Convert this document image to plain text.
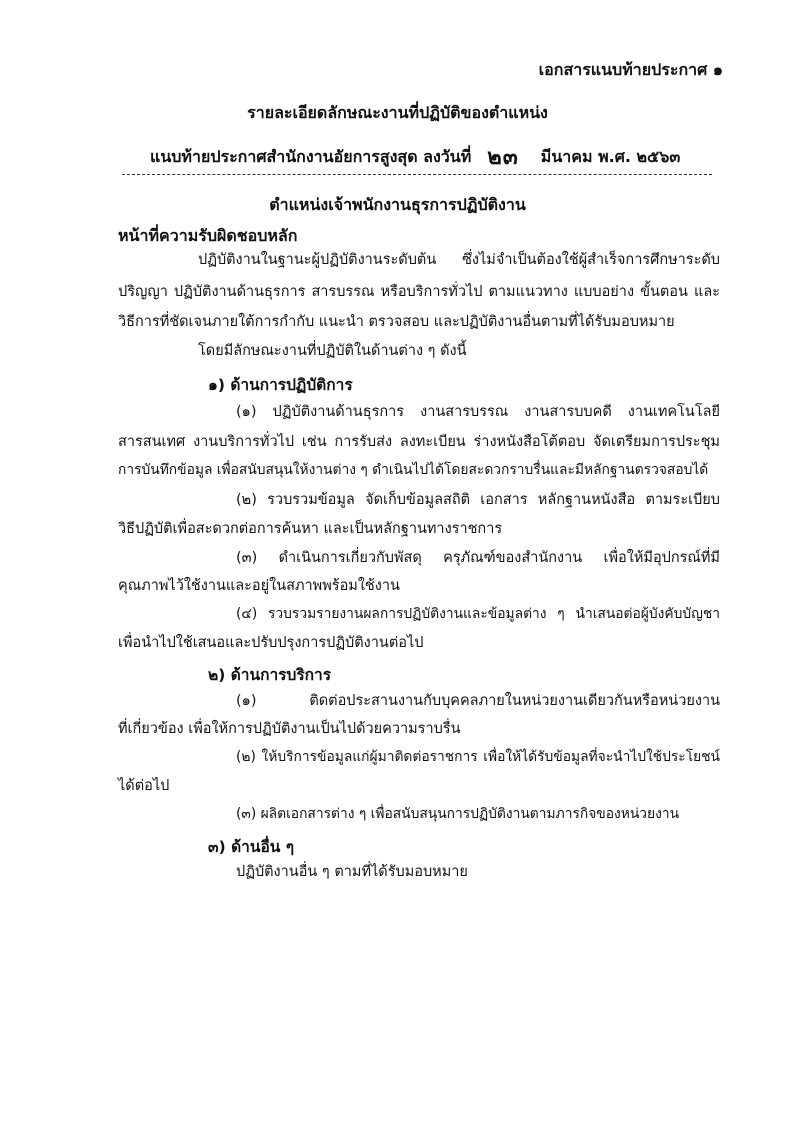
เอกสารแนบท้ายประกาศ ๑
รายละเอียดลักษณะงานที่ปฏิบัติของตำแหน่ง
แนบท้ายประกาศสำนักงานอัยการสูงสุด ลงวันที่ ๒๓ มีนาคม พ.ศ. ๒๕๖๓
ตำแหน่งเจ้าพนักงานธุรการปฏิบัติงาน
หน้าที่ความรับผิดชอบหลัก
ปฏิบัติงานในฐานะผู้ปฏิบัติงานระดับต้น ซึ่งไม่จำเป็นต้องใช้ผู้สำเร็จการศึกษาระดับ
ปริญญา ปฏิบัติงานด้านธุรการ สารบรรณ หรือบริการทั่วไป ตามแนวทาง แบบอย่าง ขั้นตอน และ
วิธีการที่ชัดเจนภายใต้การกำกับ แนะนำ ตรวจสอบ และปฏิบัติงานอื่นตามที่ได้รับมอบหมาย
โดยมีลักษณะงานที่ปฏิบัติในด้านต่าง ๆ ดังนี้
๑) ด้านการปฏิบัติการ
(๑) ปฏิบัติงานด้านธุรการ งานสารบรรณ งานสารบบคดี งานเทคโนโลยี
สารสนเทศ งานบริการทั่วไป เช่น การรับส่ง ลงทะเบียน ร่างหนังสือโต้ตอบ จัดเตรียมการประชุม
การบันทึกข้อมูล เพื่อสนับสนุนให้งานต่าง ๆ ดำเนินไปได้โดยสะดวกราบรื่นและมีหลักฐานตรวจสอบได้
(๒) รวบรวมข้อมูล จัดเก็บข้อมูลสถิติ เอกสาร หลักฐานหนังสือ ตามระเบียบ
วิธีปฏิบัติเพื่อสะดวกต่อการค้นหา และเป็นหลักฐานทางราชการ
(๓) ดำเนินการเกี่ยวกับพัสดุ ครุภัณฑ์ของสำนักงาน เพื่อให้มีอุปกรณ์ที่มี
คุณภาพไว้ใช้งานและอยู่ในสภาพพร้อมใช้งาน
(๔) รวบรวมรายงานผลการปฏิบัติงานและข้อมูลต่าง ๆ นำเสนอต่อผู้บังคับบัญชา
เพื่อนำไปใช้เสนอและปรับปรุงการปฏิบัติงานต่อไป
๒) ด้านการบริการ
(๑) ติดต่อประสานงานกับบุคคลภายในหน่วยงานเดียวกันหรือหน่วยงาน
ที่เกี่ยวข้อง เพื่อให้การปฏิบัติงานเป็นไปด้วยความราบรื่น
(๒) ให้บริการข้อมูลแก่ผู้มาติดต่อราชการ เพื่อให้ได้รับข้อมูลที่จะนำไปใช้ประโยชน์
ได้ต่อไป
(๓) ผลิตเอกสารต่าง ๆ เพื่อสนับสนุนการปฏิบัติงานตามภารกิจของหน่วยงาน
๓) ด้านอื่น ๆ
ปฏิบัติงานอื่น ๆ ตามที่ได้รับมอบหมาย
